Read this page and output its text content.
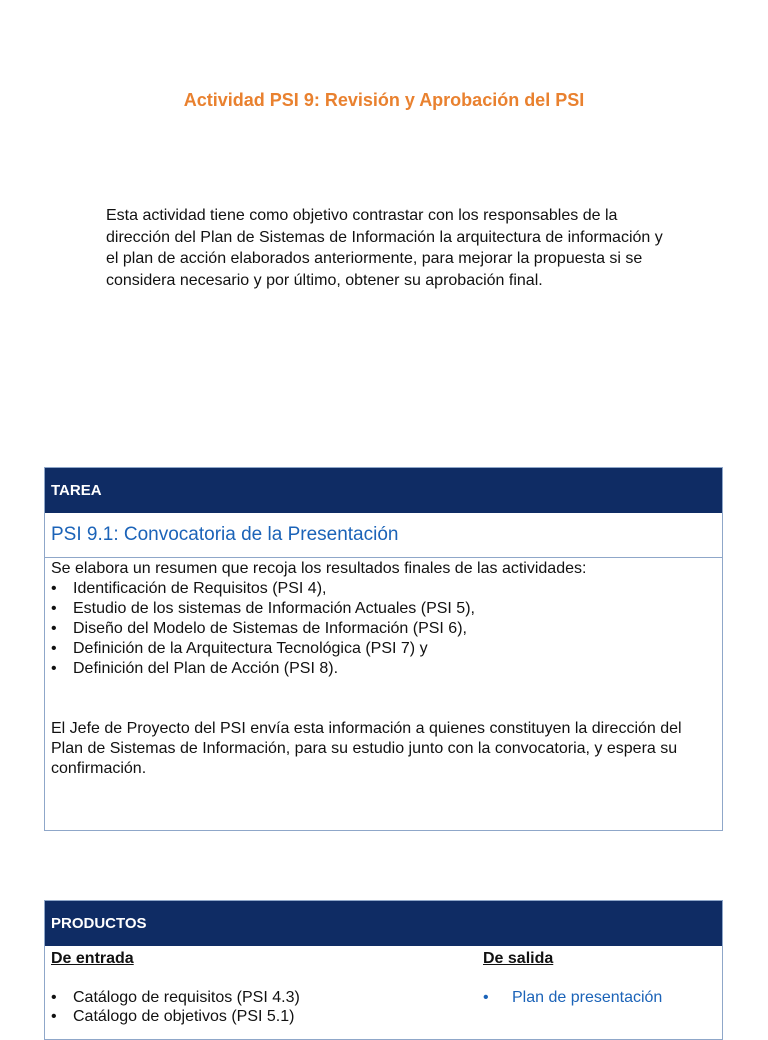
Actividad PSI 9: Revisión y Aprobación del PSI

Esta actividad tiene como objetivo contrastar con los responsables de la dirección del Plan de Sistemas de Información la arquitectura de información y el plan de acción elaborados anteriormente, para mejorar la propuesta si se considera necesario y por último, obtener su aprobación final.

TAREA
PSI 9.1: Convocatoria de la Presentación

Se elabora un resumen que recoja los resultados finales de las actividades:

• Identificación de Requisitos (PSI 4),
• Estudio de los sistemas de Información Actuales (PSI 5),
• Diseño del Modelo de Sistemas de Información (PSI 6),
• Definición de la Arquitectura Tecnológica (PSI 7) y
• Definición del Plan de Acción (PSI 8).

El Jefe de Proyecto del PSI envía esta información a quienes constituyen la dirección del Plan de Sistemas de Información, para su estudio junto con la convocatoria, y espera su confirmación.

PRODUCTOS
De entrada
• Catálogo de requisitos (PSI 4.3)
• Catálogo de objetivos (PSI 5.1)
De salida
• Plan de presentación
